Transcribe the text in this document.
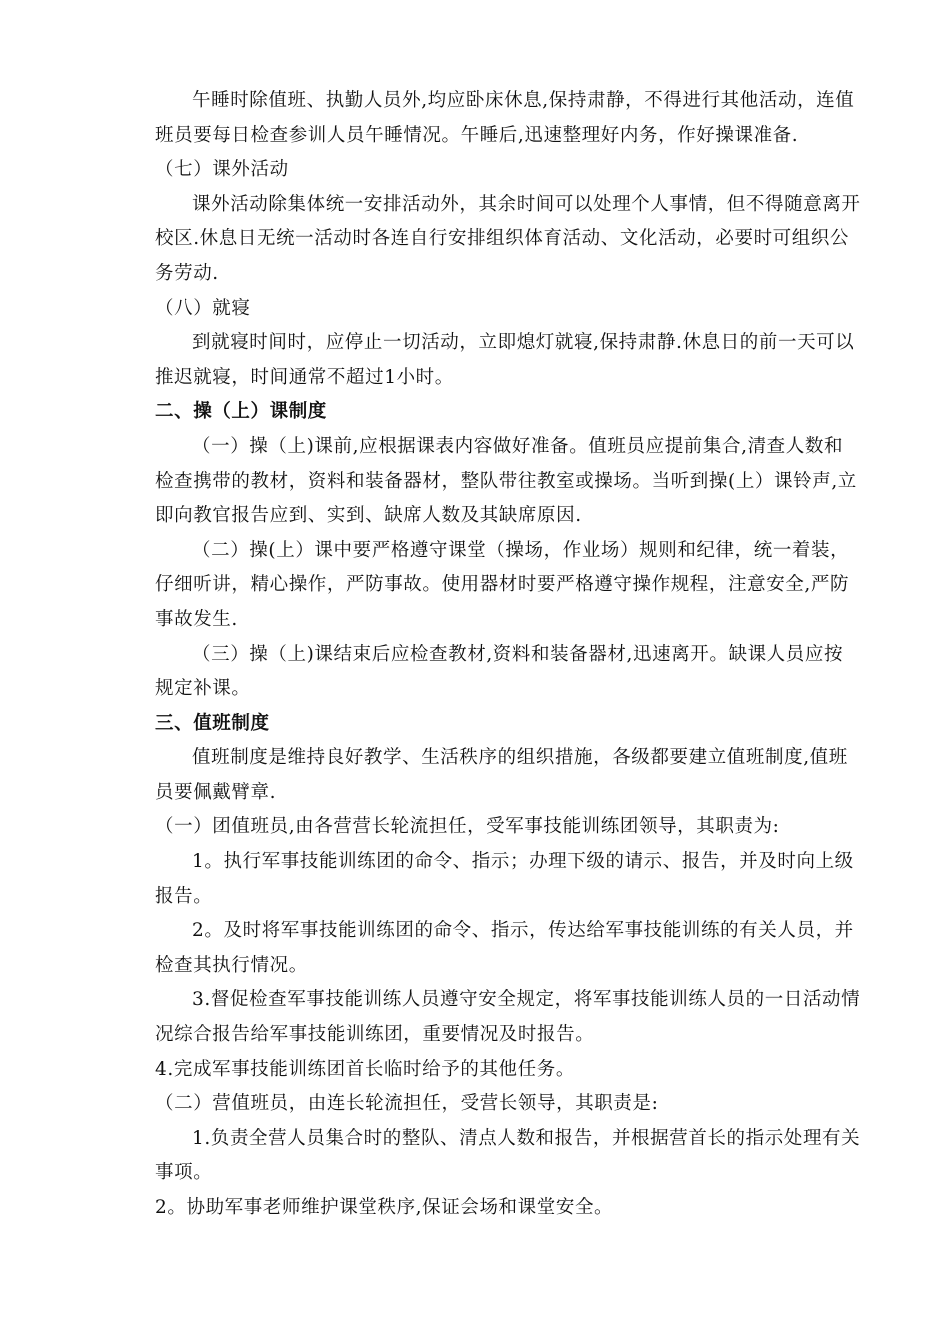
午睡时除值班、执勤人员外,均应卧床休息,保持肃静，不得进行其他活动，连值
班员要每日检查参训人员午睡情况。午睡后,迅速整理好内务，作好操课准备.
（七）课外活动
课外活动除集体统一安排活动外，其余时间可以处理个人事情，但不得随意离开
校区.休息日无统一活动时各连自行安排组织体育活动、文化活动，必要时可组织公
务劳动.
（八）就寝
到就寝时间时，应停止一切活动，立即熄灯就寝,保持肃静.休息日的前一天可以
推迟就寝，时间通常不超过1小时。
二、操（上）课制度
（一）操（上)课前,应根据课表内容做好准备。值班员应提前集合,清查人数和
检查携带的教材，资料和装备器材，整队带往教室或操场。当听到操(上）课铃声,立
即向教官报告应到、实到、缺席人数及其缺席原因.
（二）操(上）课中要严格遵守课堂（操场，作业场）规则和纪律，统一着装，
仔细听讲，精心操作，严防事故。使用器材时要严格遵守操作规程，注意安全,严防
事故发生.
（三）操（上)课结束后应检查教材,资料和装备器材,迅速离开。缺课人员应按
规定补课。
三、值班制度
值班制度是维持良好教学、生活秩序的组织措施，各级都要建立值班制度,值班
员要佩戴臂章.
（一）团值班员,由各营营长轮流担任，受军事技能训练团领导，其职责为:
1。执行军事技能训练团的命令、指示；办理下级的请示、报告，并及时向上级
报告。
2。及时将军事技能训练团的命令、指示，传达给军事技能训练的有关人员，并
检查其执行情况。
3.督促检查军事技能训练人员遵守安全规定，将军事技能训练人员的一日活动情
况综合报告给军事技能训练团，重要情况及时报告。
4.完成军事技能训练团首长临时给予的其他任务。
（二）营值班员，由连长轮流担任，受营长领导，其职责是:
1.负责全营人员集合时的整队、清点人数和报告，并根据营首长的指示处理有关
事项。
2。协助军事老师维护课堂秩序,保证会场和课堂安全。
